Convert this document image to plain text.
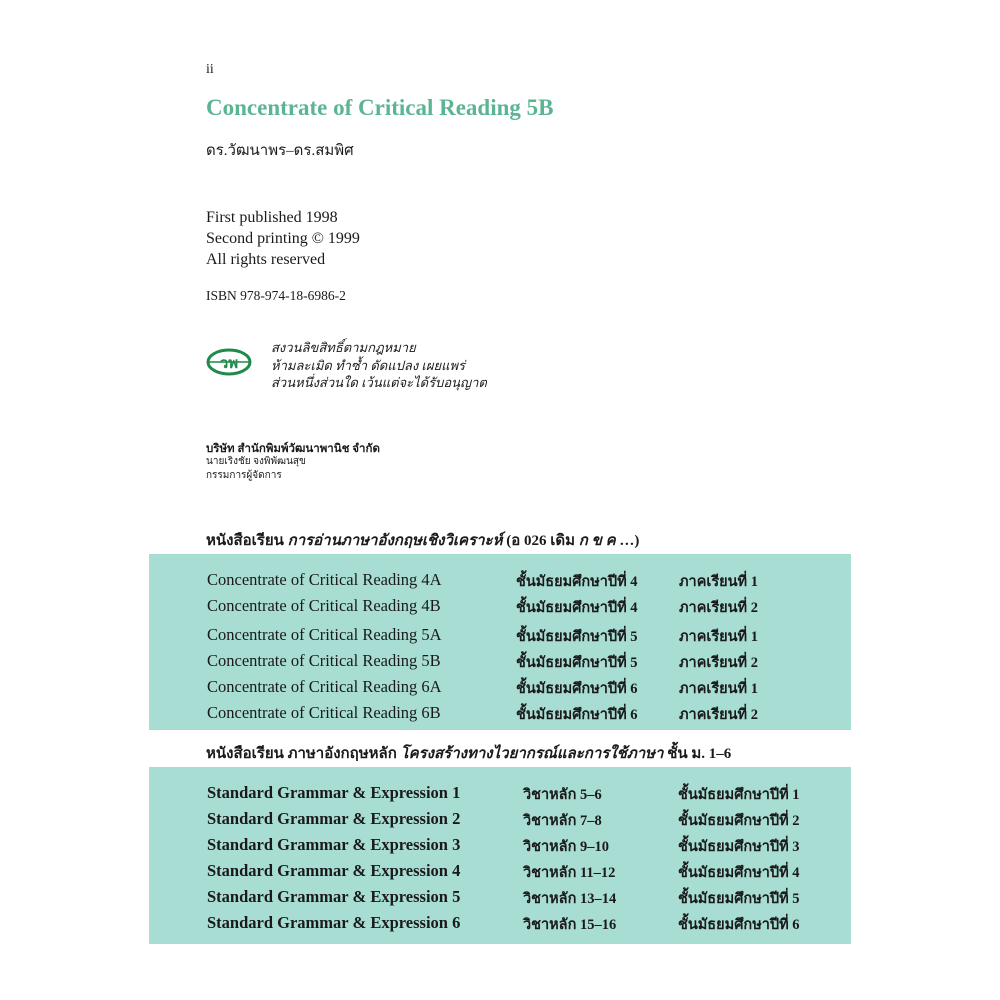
ii
Concentrate of Critical Reading 5B
ดร.วัฒนาพร–ดร.สมพิศ
First published 1998
Second printing © 1999
All rights reserved
ISBN 978-974-18-6986-2
วพ
สงวนลิขสิทธิ์ตามกฎหมาย
ห้ามละเมิด ทำซ้ำ ดัดแปลง เผยแพร่
ส่วนหนึ่งส่วนใด เว้นแต่จะได้รับอนุญาต
บริษัท สำนักพิมพ์วัฒนาพานิช จำกัด
นายเริงชัย จงพิพัฒนสุข
กรรมการผู้จัดการ
หนังสือเรียน การอ่านภาษาอังกฤษเชิงวิเคราะห์ (อ 026 เดิม ก ข ค …)
Concentrate of Critical Reading 4A	ชั้นมัธยมศึกษาปีที่ 4	ภาคเรียนที่ 1
Concentrate of Critical Reading 4B	ชั้นมัธยมศึกษาปีที่ 4	ภาคเรียนที่ 2
Concentrate of Critical Reading 5A	ชั้นมัธยมศึกษาปีที่ 5	ภาคเรียนที่ 1
Concentrate of Critical Reading 5B	ชั้นมัธยมศึกษาปีที่ 5	ภาคเรียนที่ 2
Concentrate of Critical Reading 6A	ชั้นมัธยมศึกษาปีที่ 6	ภาคเรียนที่ 1
Concentrate of Critical Reading 6B	ชั้นมัธยมศึกษาปีที่ 6	ภาคเรียนที่ 2
หนังสือเรียน ภาษาอังกฤษหลัก โครงสร้างทางไวยากรณ์และการใช้ภาษา ชั้น ม. 1–6
Standard Grammar & Expression 1	วิชาหลัก 5–6	ชั้นมัธยมศึกษาปีที่ 1
Standard Grammar & Expression 2	วิชาหลัก 7–8	ชั้นมัธยมศึกษาปีที่ 2
Standard Grammar & Expression 3	วิชาหลัก 9–10	ชั้นมัธยมศึกษาปีที่ 3
Standard Grammar & Expression 4	วิชาหลัก 11–12	ชั้นมัธยมศึกษาปีที่ 4
Standard Grammar & Expression 5	วิชาหลัก 13–14	ชั้นมัธยมศึกษาปีที่ 5
Standard Grammar & Expression 6	วิชาหลัก 15–16	ชั้นมัธยมศึกษาปีที่ 6
